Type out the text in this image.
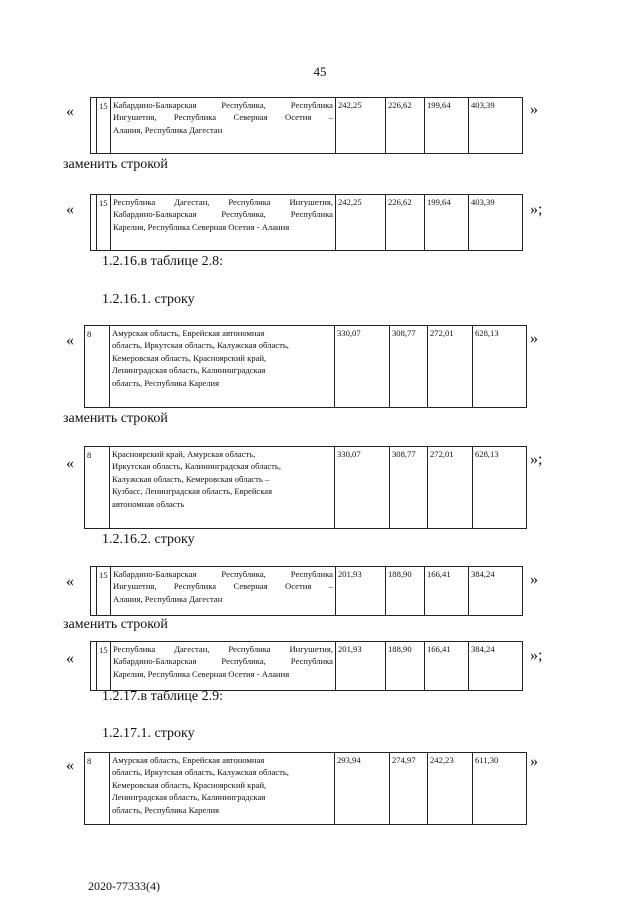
45
«
		15	Кабардино-Балкарская Республика, Республика
Ингушетия, Республика Северная Осетия –
Алания, Республика Дагестан
	242,25	226,62	199,64	403,39 »
заменить строкой
«
		15	Республика Дагестан, Республика Ингушетия,
Кабардино-Балкарская Республика, Республика
Карелия, Республика Северная Осетия - Алания
	242,25	226,62	199,64	403,39 »;
1.2.16.в таблице 2.8:
1.2.16.1. строку
« 8	Амурская область, Еврейская автономная
область, Иркутская область, Калужская область,
Кемеровская область, Красноярский край,
Ленинградская область, Калининградская
область, Республика Карелия
	330,07	308,77	272,01	628,13 »
заменить строкой
« 8	Красноярский край, Амурская область,
Иркутская область, Калининградская область,
Калужская область, Кемеровская область –
Кузбасс, Ленинградская область, Еврейская
автономная область
	330,07	308,77	272,01	628,13 »;
1.2.16.2. строку
«
		15	Кабардино-Балкарская Республика, Республика
Ингушетия, Республика Северная Осетия –
Алания, Республика Дагестан
	201,93	188,90	166,41	384,24 »
заменить строкой
«
		15	Республика Дагестан, Республика Ингушетия,
Кабардино-Балкарская Республика, Республика
Карелия, Республика Северная Осетия - Алания
	201,93	188,90	166,41	384,24 »;
1.2.17.в таблице 2.9:
1.2.17.1. строку
« 8	Амурская область, Еврейская автономная
область, Иркутская область, Калужская область,
Кемеровская область, Красноярский край,
Ленинградская область, Калининградская
область, Республика Карелия
	293,94	274,97	242,23	611,30 »
2020-77333(4)
